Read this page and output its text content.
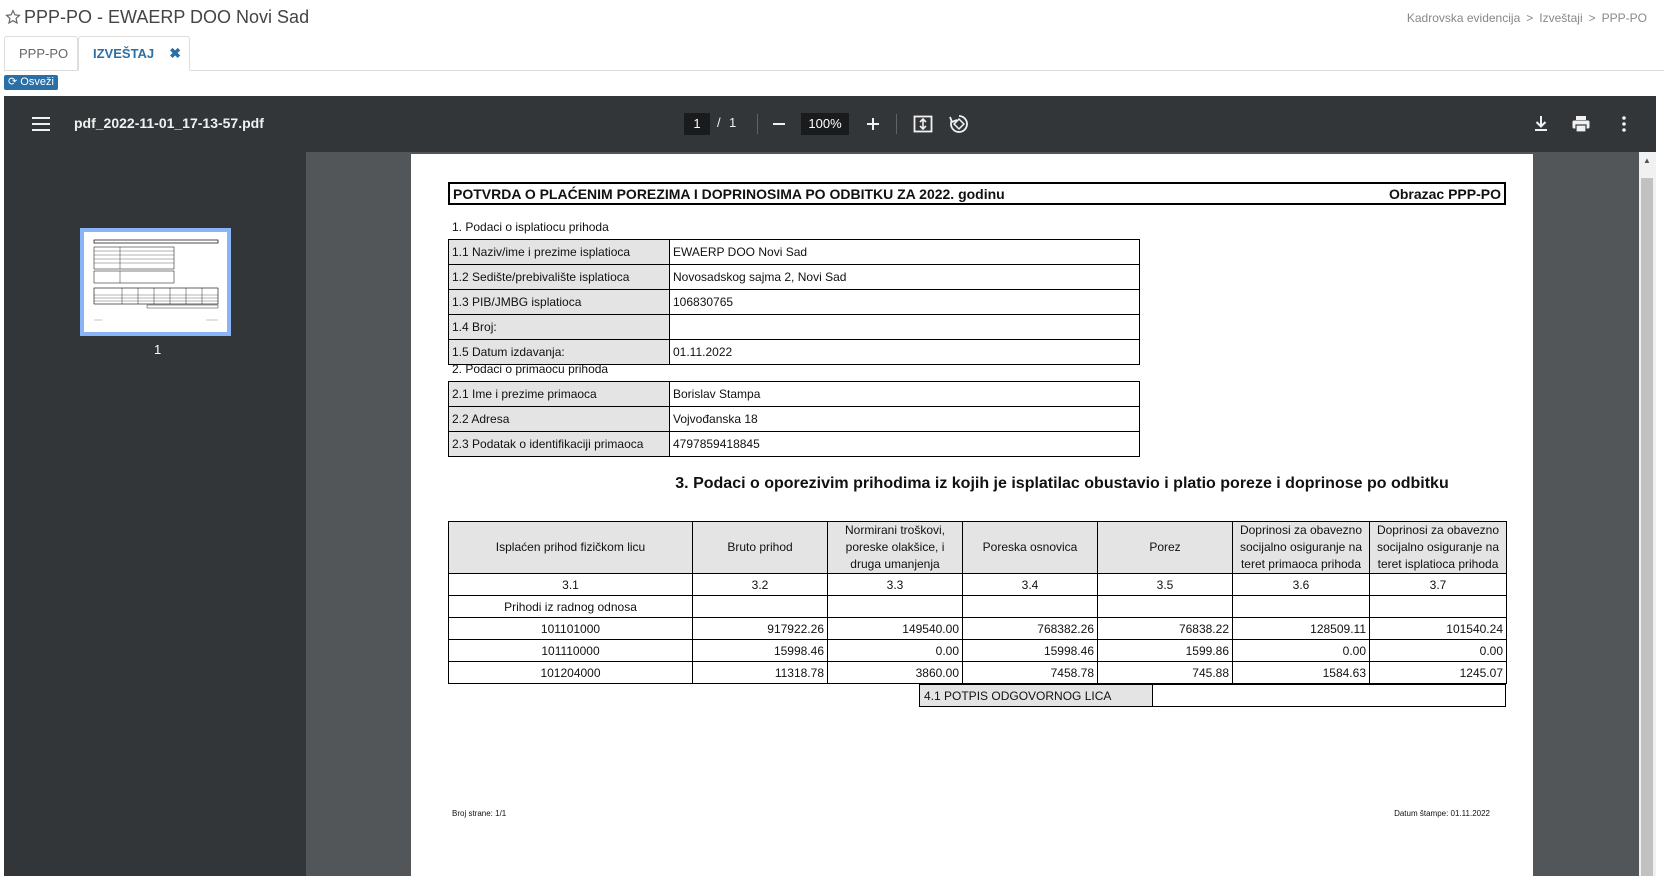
PPP-PO - EWAERP DOO Novi Sad	Kadrovska evidencija > Izveštaji > PPP-PO
PPP-PO	IZVEŠTAJ ✖
⟳ Osveži
pdf_2022-11-01_17-13-57.pdf	1	/ 1	100%
1
▲
POTVRDA O PLAĆENIM POREZIMA I DOPRINOSIMA PO ODBITKU ZA 2022. godinu	Obrazac PPP-PO
1. Podaci o isplatiocu prihoda
1.1 Naziv/ime i prezime isplatioca	EWAERP DOO Novi Sad
1.2 Sedište/prebivalište isplatioca	Novosadskog sajma 2, Novi Sad
1.3 PIB/JMBG isplatioca	106830765
1.4 Broj:	
1.5 Datum izdavanja:	01.11.2022
2. Podaci o primaocu prihoda
2.1 Ime i prezime primaoca	Borislav Stampa
2.2 Adresa	Vojvođanska 18
2.3 Podatak o identifikaciji primaoca	4797859418845
3. Podaci o oporezivim prihodima iz kojih je isplatilac obustavio i platio poreze i doprinose po odbitku
Isplaćen prihod fizičkom licu	Bruto prihod	Normirani troškovi, poreske olakšice, i druga umanjenja	Poreska osnovica	Porez	Doprinosi za obavezno socijalno osiguranje na teret primaoca prihoda	Doprinosi za obavezno socijalno osiguranje na teret isplatioca prihoda
3.1	3.2	3.3	3.4	3.5	3.6	3.7
Prihodi iz radnog odnosa						
101101000	917922.26	149540.00	768382.26	76838.22	128509.11	101540.24
101110000	15998.46	0.00	15998.46	1599.86	0.00	0.00
101204000	11318.78	3860.00	7458.78	745.88	1584.63	1245.07
4.1 POTPIS ODGOVORNOG LICA	
Broj strane: 1/1	Datum štampe: 01.11.2022
